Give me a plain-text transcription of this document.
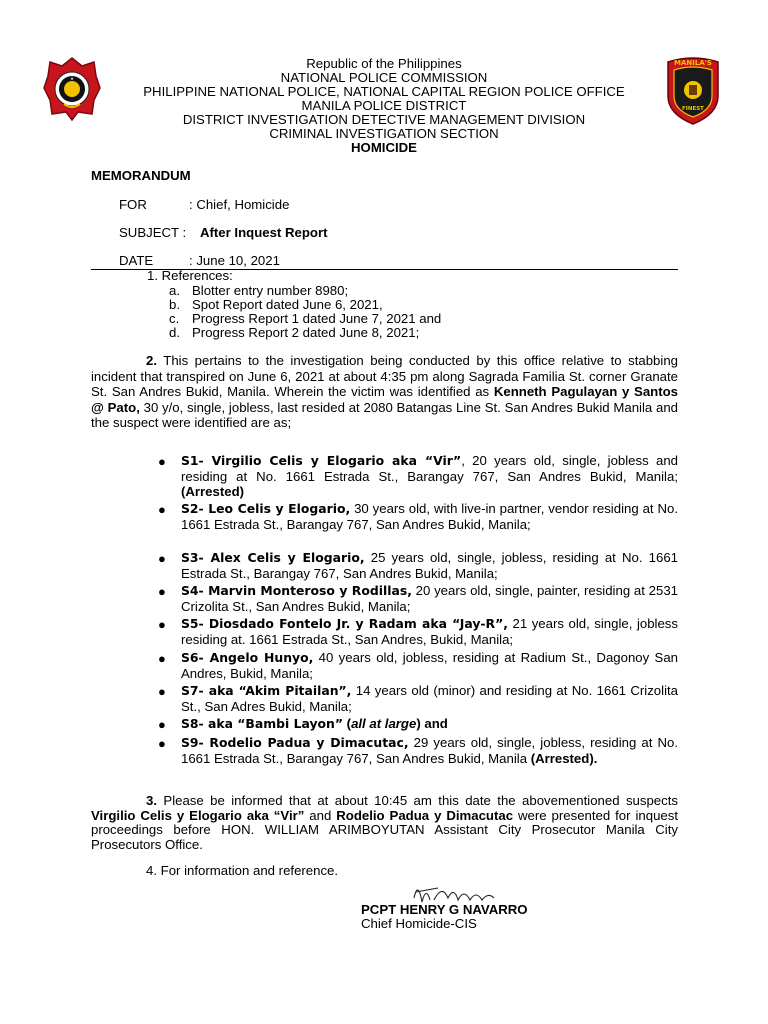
★
MANILA'S
FINEST
Republic of the Philippines
NATIONAL POLICE COMMISSION
PHILIPPINE NATIONAL POLICE, NATIONAL CAPITAL REGION POLICE OFFICE
MANILA POLICE DISTRICT
DISTRICT INVESTIGATION DETECTIVE MANAGEMENT DIVISION
CRIMINAL INVESTIGATION SECTION
HOMICIDE
MEMORANDUM
FOR	: Chief, Homicide
SUBJECT : After Inquest Report
DATE	: June 10, 2021
1. References:
a. Blotter entry number 8980;
b. Spot Report dated June 6, 2021,
c. Progress Report 1 dated June 7, 2021 and
d. Progress Report 2 dated June 8, 2021;
2. This pertains to the investigation being conducted by this office relative to stabbing incident that transpired on June 6, 2021 at about 4:35 pm along Sagrada Familia St. corner Granate St. San Andres Bukid, Manila. Wherein the victim was identified as Kenneth Pagulayan y Santos @ Pato, 30 y/o, single, jobless, last resided at 2080 Batangas Line St. San Andres Bukid Manila and the suspect were identified are as;
● S1- Virgilio Celis y Elogario aka “Vir”, 20 years old, single, jobless and residing at No. 1661 Estrada St., Barangay 767, San Andres Bukid, Manila; (Arrested)
● S2- Leo Celis y Elogario, 30 years old, with live-in partner, vendor residing at No. 1661 Estrada St., Barangay 767, San Andres Bukid, Manila;
● S3- Alex Celis y Elogario, 25 years old, single, jobless, residing at No. 1661 Estrada St., Barangay 767, San Andres Bukid, Manila;
● S4- Marvin Monteroso y Rodillas, 20 years old, single, painter, residing at 2531 Crizolita St., San Andres Bukid, Manila;
● S5- Diosdado Fontelo Jr. y Radam aka “Jay-R”, 21 years old, single, jobless residing at. 1661 Estrada St., San Andres, Bukid, Manila;
● S6- Angelo Hunyo, 40 years old, jobless, residing at Radium St., Dagonoy San Andres, Bukid, Manila;
● S7- aka “Akim Pitailan”, 14 years old (minor) and residing at No. 1661 Crizolita St., San Adres Bukid, Manila;
● S8- aka “Bambi Layon” (all at large) and
● S9- Rodelio Padua y Dimacutac, 29 years old, single, jobless, residing at No. 1661 Estrada St., Barangay 767, San Andres Bukid, Manila (Arrested).
3. Please be informed that at about 10:45 am this date the abovementioned suspects Virgilio Celis y Elogario aka “Vir” and Rodelio Padua y Dimacutac were presented for inquest proceedings before HON. WILLIAM ARIMBOYUTAN Assistant City Prosecutor Manila City Prosecutors Office.
4. For information and reference.
PCPT HENRY G NAVARRO
Chief Homicide-CIS
